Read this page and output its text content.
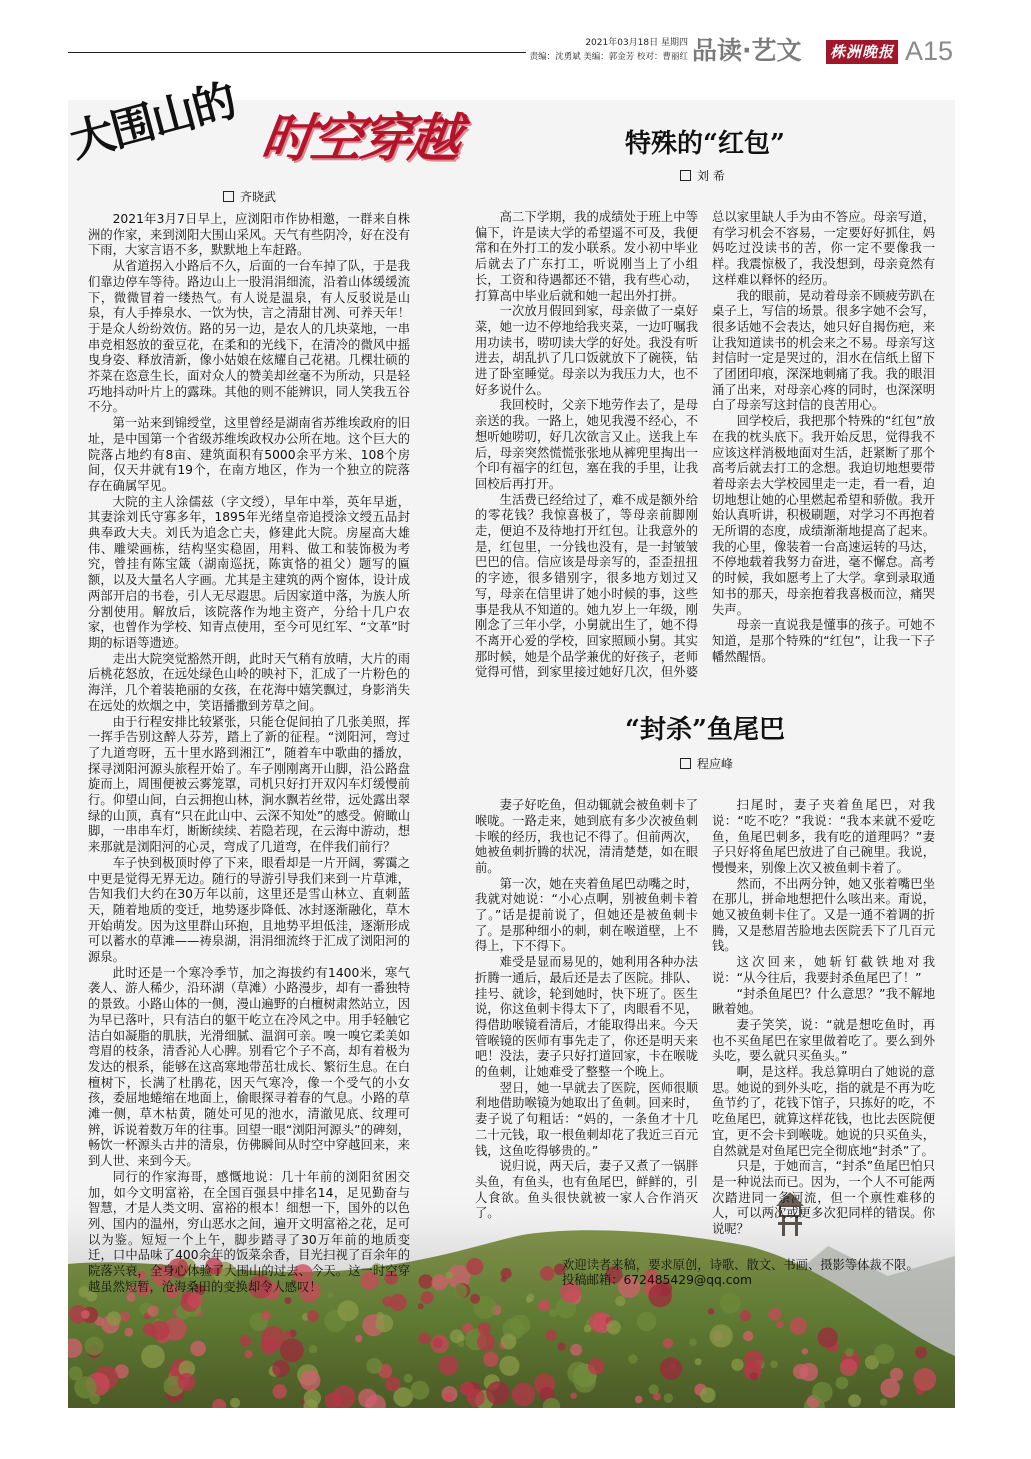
2021年03月18日 星期四
责编：沈勇斌 美编：郭金芳 校对：曹丽红 品读·艺文 株洲晚报 A15
大围山的 时空穿越
齐晓武

2021年3月7日早上，应浏阳市作协相邀，一群来自株洲的作家，来到浏阳大围山采风。天气有些阴冷，好在没有下雨，大家言语不多，默默地上车赶路。

从省道拐入小路后不久，后面的一台车掉了队，于是我们靠边停车等待。路边山上一股涓涓细流，沿着山体缓缓流下，微微冒着一缕热气。有人说是温泉，有人反驳说是山泉，有人手捧泉水、一饮为快，言之清甜甘冽、可养天年！于是众人纷纷效仿。路的另一边，是农人的几块菜地，一串串竞相怒放的蚕豆花，在柔和的光线下，在清冷的微风中摇曳身姿、释放清新，像小姑娘在炫耀自己花裙。几棵壮硕的芥菜在恣意生长，面对众人的赞美却丝毫不为所动，只是轻巧地抖动叶片上的露珠。其他的则不能辨识，同人笑我五谷不分。

第一站来到锦绶堂，这里曾经是湖南省苏维埃政府的旧址，是中国第一个省级苏维埃政权办公所在地。这个巨大的院落占地约有8亩、建筑面积有5000余平方米、108个房间，仅天井就有19个，在南方地区，作为一个独立的院落存在确属罕见。

大院的主人涂儒兹（字文绶），早年中举，英年早逝，其妻涂刘氏守寡多年，1895年光绪皇帝追授涂文绶五品封典奉政大夫。刘氏为追念亡夫，修建此大院。房屋高大雄伟、雕梁画栋，结构坚实稳固，用料、做工和装饰极为考究，曾挂有陈宝箴（湖南巡抚，陈寅恪的祖父）题写的匾额，以及大量名人字画。尤其是主建筑的两个窗体，设计成两部开启的书卷，引人无尽遐思。后因家道中落，为族人所分割使用。解放后，该院落作为地主资产，分给十几户农家，也曾作为学校、知青点使用，至今可见红军、“文革”时期的标语等遗迹。

走出大院突觉豁然开朗，此时天气稍有放晴，大片的雨后桃花怒放，在远处绿色山岭的映衬下，汇成了一片粉色的海洋，几个着装艳丽的女孩，在花海中嬉笑飘过，身影消失在远处的炊烟之中，笑语播撒到芳草之间。

由于行程安排比较紧张，只能仓促间拍了几张美照，挥一挥手告别这醉人芬芳，踏上了新的征程。“浏阳河，弯过了九道弯呀，五十里水路到湘江”，随着车中歌曲的播放，探寻浏阳河源头旅程开始了。车子刚刚离开山脚，沿公路盘旋而上，周围便被云雾笼罩，司机只好打开双闪车灯缓慢前行。仰望山间，白云拥抱山林，涧水飘若丝带，远处露出翠绿的山顶，真有“只在此山中、云深不知处”的感受。俯瞰山脚，一串串车灯，断断续续、若隐若现，在云海中游动，想来那就是浏阳河的心灵，弯成了几道弯，在伴我们前行？

车子快到极顶时停了下来，眼看却是一片开阔，雾霭之中更是觉得无界无边。随行的导游引导我们来到一片草滩，告知我们大约在30万年以前，这里还是雪山林立、直刺蓝天，随着地质的变迁，地势逐步降低、冰封逐渐融化，草木开始萌发。因为这里群山环抱，且地势平坦低洼，逐渐形成可以蓄水的草滩——祷泉湖，涓涓细流终于汇成了浏阳河的源泉。

此时还是一个寒冷季节，加之海拔约有1400米，寒气袭人、游人稀少，沿环湖（草滩）小路漫步，却有一番独特的景致。小路山体的一侧，漫山遍野的白檀树肃然站立，因为早已落叶，只有洁白的躯干屹立在冷风之中。用手轻触它洁白如凝脂的肌肤，光滑细腻、温润可亲。嗅一嗅它柔美如弯眉的枝条，清香沁人心脾。别看它个子不高，却有着极为发达的根系，能够在这高寒地带茁壮成长、繁衍生息。在白檀树下，长满了杜鹃花，因天气寒冷，像一个受气的小女孩，委屈地蜷缩在地面上，偷眼探寻着春的气息。小路的草滩一侧，草木枯黄，随处可见的池水，清澈见底、纹理可辨，诉说着数万年的往事。回望一眼“浏阳河源头”的碑刻，畅饮一杯源头古井的清泉，仿佛瞬间从时空中穿越回来，来到人世、来到今天。

同行的作家海哥，感慨地说：几十年前的浏阳贫困交加，如今文明富裕，在全国百强县中排名14，足见勤奋与智慧，才是人类文明、富裕的根本！细想一下，国外的以色列、国内的温州，穷山恶水之间，遍开文明富裕之花，足可以为鉴。短短一个上午，脚步踏寻了30万年前的地质变迁，口中品味了400余年的饭菜余香，目光扫视了百余年的院落兴衰，全身心体验了大围山的过去、今天。这一时空穿越虽然短暂，沧海桑田的变换却令人感叹！

特殊的“红包”
刘 希

高二下学期，我的成绩处于班上中等偏下，许是读大学的希望遥不可及，我便常和在外打工的发小联系。发小初中毕业后就去了广东打工，听说刚当上了小组长，工资和待遇都还不错，我有些心动，打算高中毕业后就和她一起出外打拼。

一次放月假回到家，母亲做了一桌好菜，她一边不停地给我夹菜，一边叮嘱我用功读书，唠叨读大学的好处。我没有听进去，胡乱扒了几口饭就放下了碗筷，钻进了卧室睡觉。母亲以为我压力大，也不好多说什么。

我回校时，父亲下地劳作去了，是母亲送的我。一路上，她见我漫不经心，不想听她唠叨，好几次欲言又止。送我上车后，母亲突然慌慌张张地从裤兜里掏出一个印有福字的红包，塞在我的手里，让我回校后再打开。

生活费已经给过了，难不成是额外给的零花钱？我惊喜极了，等母亲前脚刚走，便迫不及待地打开红包。让我意外的是，红包里，一分钱也没有，是一封皱皱巴巴的信。信应该是母亲写的，歪歪扭扭的字迹，很多错别字，很多地方划过又写，母亲在信里讲了她小时候的事，这些事是我从不知道的。她九岁上一年级，刚刚念了三年小学，小舅就出生了，她不得不离开心爱的学校，回家照顾小舅。其实那时候，她是个品学兼优的好孩子，老师觉得可惜，到家里接过她好几次，但外婆总以家里缺人手为由不答应。母亲写道，有学习机会不容易，一定要好好抓住，妈妈吃过没读书的苦，你一定不要像我一样。我震惊极了，我没想到，母亲竟然有这样难以释怀的经历。

我的眼前，晃动着母亲不顾疲劳趴在桌子上，写信的场景。很多字她不会写，很多话她不会表达，她只好自揭伤疤，来让我知道读书的机会来之不易。母亲写这封信时一定是哭过的，泪水在信纸上留下了团团印痕，深深地刺痛了我。我的眼泪涌了出来，对母亲心疼的同时，也深深明白了母亲写这封信的良苦用心。

回学校后，我把那个特殊的“红包”放在我的枕头底下。我开始反思，觉得我不应该这样消极地面对生活，赶紧断了那个高考后就去打工的念想。我迫切地想要带着母亲去大学校园里走一走，看一看，迫切地想让她的心里燃起希望和骄傲。我开始认真听讲，积极刷题，对学习不再抱着无所谓的态度，成绩渐渐地提高了起来。我的心里，像装着一台高速运转的马达，不停地载着我努力奋进，毫不懈怠。高考的时候，我如愿考上了大学。拿到录取通知书的那天，母亲抱着我喜极而泣，痛哭失声。

母亲一直说我是懂事的孩子。可她不知道，是那个特殊的“红包”，让我一下子幡然醒悟。

“封杀”鱼尾巴
程应峰

妻子好吃鱼，但动辄就会被鱼刺卡了喉咙。一路走来，她到底有多少次被鱼刺卡喉的经历，我也记不得了。但前两次，她被鱼刺折腾的状况，清清楚楚，如在眼前。

第一次，她在夹着鱼尾巴动嘴之时，我就对她说：“小心点啊，别被鱼刺卡着了。”话是提前说了，但她还是被鱼刺卡了。是那种细小的刺，刺在喉道壁，上不得上，下不得下。

难受是显而易见的，她利用各种办法折腾一通后，最后还是去了医院。排队、挂号、就诊，轮到她时，快下班了。医生说，你这鱼刺卡得太下了，肉眼看不见，得借助喉镜看清后，才能取得出来。今天管喉镜的医师有事先走了，你还是明天来吧！没法，妻子只好打道回家，卡在喉咙的鱼刺，让她难受了整整一个晚上。

翌日，她一早就去了医院，医师很顺利地借助喉镜为她取出了鱼刺。回来时，妻子说了句粗话：“妈的，一条鱼才十几二十元钱，取一根鱼刺却花了我近三百元钱，这鱼吃得够贵的。”

说归说，两天后，妻子又煮了一锅胖头鱼，有鱼头，也有鱼尾巴，鲜鲜的，引人食欲。鱼头很快就被一家人合作消灭了。

扫尾时，妻子夹着鱼尾巴，对我说：“吃不吃？”我说：“我本来就不爱吃鱼，鱼尾巴刺多，我有吃的道理吗？”妻子只好将鱼尾巴放进了自己碗里。我说，慢慢来，别像上次又被鱼刺卡着了。

然而，不出两分钟，她又张着嘴巴坐在那儿，拼命地想把什么咳出来。甭说，她又被鱼刺卡住了。又是一通不着调的折腾，又是愁眉苦脸地去医院丢下了几百元钱。

这次回来，她斩钉截铁地对我说：“从今往后，我要封杀鱼尾巴了！”

“封杀鱼尾巴？什么意思？”我不解地瞅着她。

妻子笑笑，说：“就是想吃鱼时，再也不买鱼尾巴在家里做着吃了。要么到外头吃，要么就只买鱼头。”

啊，是这样。我总算明白了她说的意思。她说的到外头吃，指的就是不再为吃鱼节约了，花钱下馆子，只拣好的吃，不吃鱼尾巴，就算这样花钱，也比去医院便宜，更不会卡到喉咙。她说的只买鱼头，自然就是对鱼尾巴完全彻底地“封杀”了。

只是，于她而言，“封杀”鱼尾巴怕只是一种说法而已。因为，一个人不可能两次踏进同一条河流，但一个禀性难移的人，可以两次或更多次犯同样的错误。你说呢？

欢迎读者来稿，要求原创，诗歌、散文、书画、摄影等体裁不限。
投稿邮箱：672485429@qq.com
